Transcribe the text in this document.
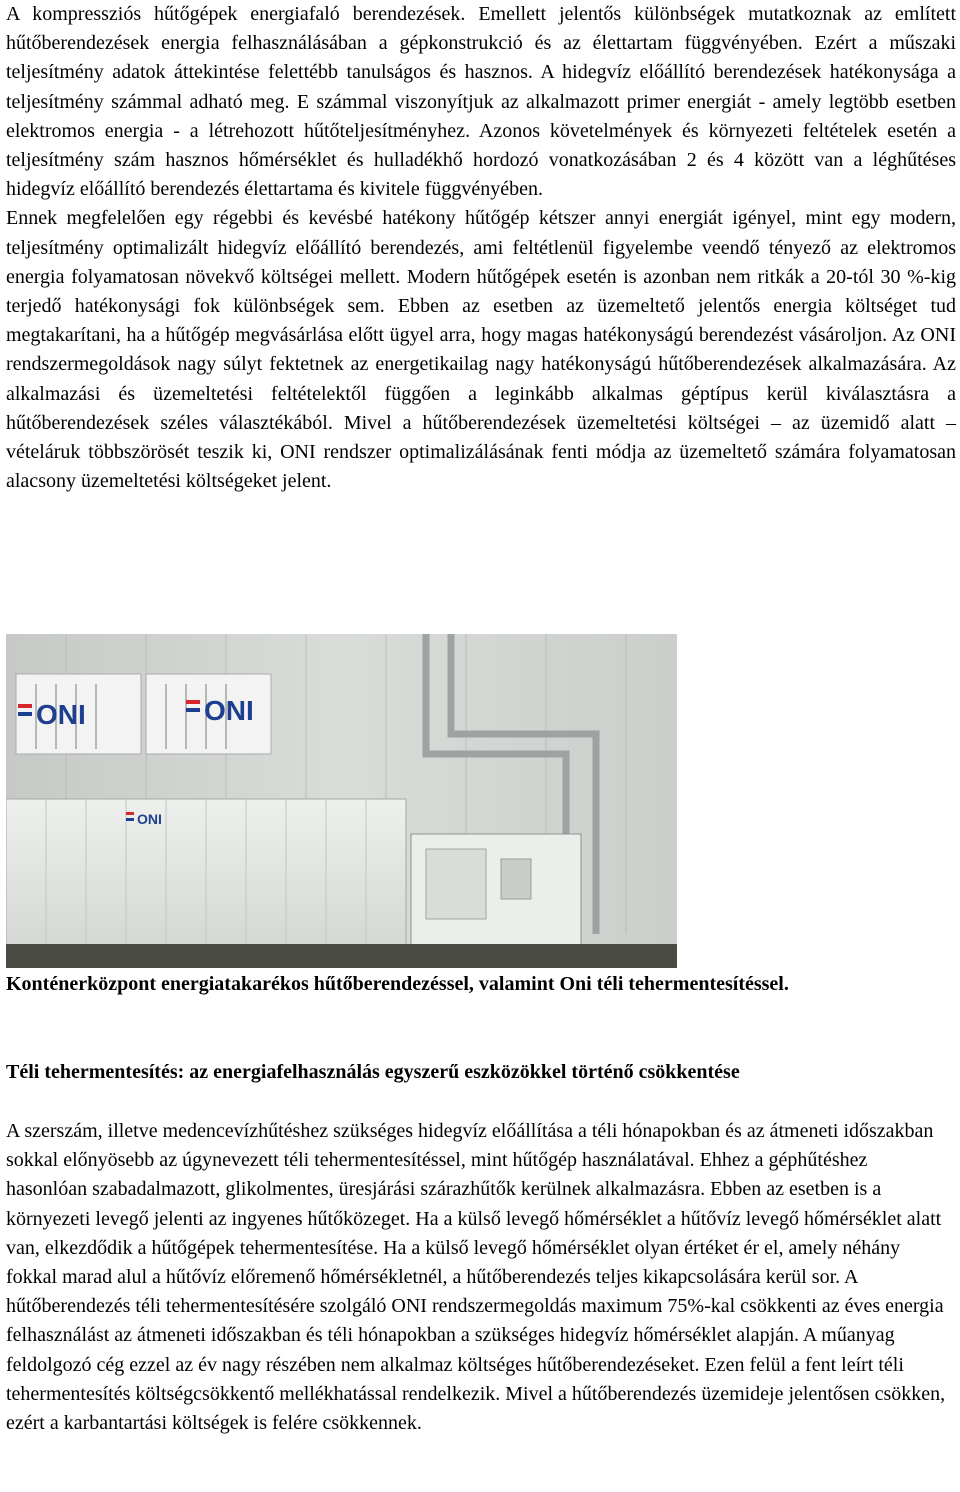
A kompressziós hűtőgépek energiafaló berendezések. Emellett jelentős különbségek mutatkoznak az említett hűtőberendezések energia felhasználásában a gépkonstrukció és az élettartam függvényében. Ezért a műszaki teljesítmény adatok áttekintése felettébb tanulságos és hasznos. A hidegvíz előállító berendezések hatékonysága a teljesítmény számmal adható meg. E számmal viszonyítjuk az alkalmazott primer energiát - amely legtöbb esetben elektromos energia - a létrehozott hűtőteljesítményhez. Azonos követelmények és környezeti feltételek esetén a teljesítmény szám hasznos hőmérséklet és hulladékhő hordozó vonatkozásában 2 és 4 között van a léghűtéses hidegvíz előállító berendezés élettartama és kivitele függvényében.
Ennek megfelelően egy régebbi és kevésbé hatékony hűtőgép kétszer annyi energiát igényel, mint egy modern, teljesítmény optimalizált hidegvíz előállító berendezés, ami feltétlenül figyelembe veendő tényező az elektromos energia folyamatosan növekvő költségei mellett. Modern hűtőgépek esetén is azonban nem ritkák a 20-tól 30 %-kig terjedő hatékonysági fok különbségek sem. Ebben az esetben az üzemeltető jelentős energia költséget tud megtakarítani, ha a hűtőgép megvásárlása előtt ügyel arra, hogy magas hatékonyságú berendezést vásároljon. Az ONI rendszermegoldások nagy súlyt fektetnek az energetikailag nagy hatékonyságú hűtőberendezések alkalmazására. Az alkalmazási és üzemeltetési feltételektől függően a leginkább alkalmas géptípus kerül kiválasztásra a hűtőberendezések széles választékából. Mivel a hűtőberendezések üzemeltetési költségei – az üzemidő alatt – vételáruk többszörösét teszik ki, ONI rendszer optimalizálásának fenti módja az üzemeltető számára folyamatosan alacsony üzemeltetési költségeket jelent.

ONI	ONI
ONI

Konténerközpont energiatakarékos hűtőberendezéssel, valamint Oni téli tehermentesítéssel.

Téli tehermentesítés: az energiafelhasználás egyszerű eszközökkel történő csökkentése

A szerszám, illetve medencevízhűtéshez szükséges hidegvíz előállítása a téli hónapokban és az átmeneti időszakban sokkal előnyösebb az úgynevezett téli tehermentesítéssel, mint hűtőgép használatával. Ehhez a géphűtéshez hasonlóan szabadalmazott, glikolmentes, üresjárási szárazhűtők kerülnek alkalmazásra. Ebben az esetben is a környezeti levegő jelenti az ingyenes hűtőközeget. Ha a külső levegő hőmérséklet a hűtővíz levegő hőmérséklet alatt van, elkezdődik a hűtőgépek tehermentesítése. Ha a külső levegő hőmérséklet olyan értéket ér el, amely néhány fokkal marad alul a hűtővíz előremenő hőmérsékletnél, a hűtőberendezés teljes kikapcsolására kerül sor. A hűtőberendezés téli tehermentesítésére szolgáló ONI rendszermegoldás maximum 75%-kal csökkenti az éves energia felhasználást az átmeneti időszakban és téli hónapokban a szükséges hidegvíz hőmérséklet alapján. A műanyag feldolgozó cég ezzel az év nagy részében nem alkalmaz költséges hűtőberendezéseket. Ezen felül a fent leírt téli tehermentesítés költségcsökkentő mellékhatással rendelkezik. Mivel a hűtőberendezés üzemideje jelentősen csökken, ezért a karbantartási költségek is felére csökkennek.
